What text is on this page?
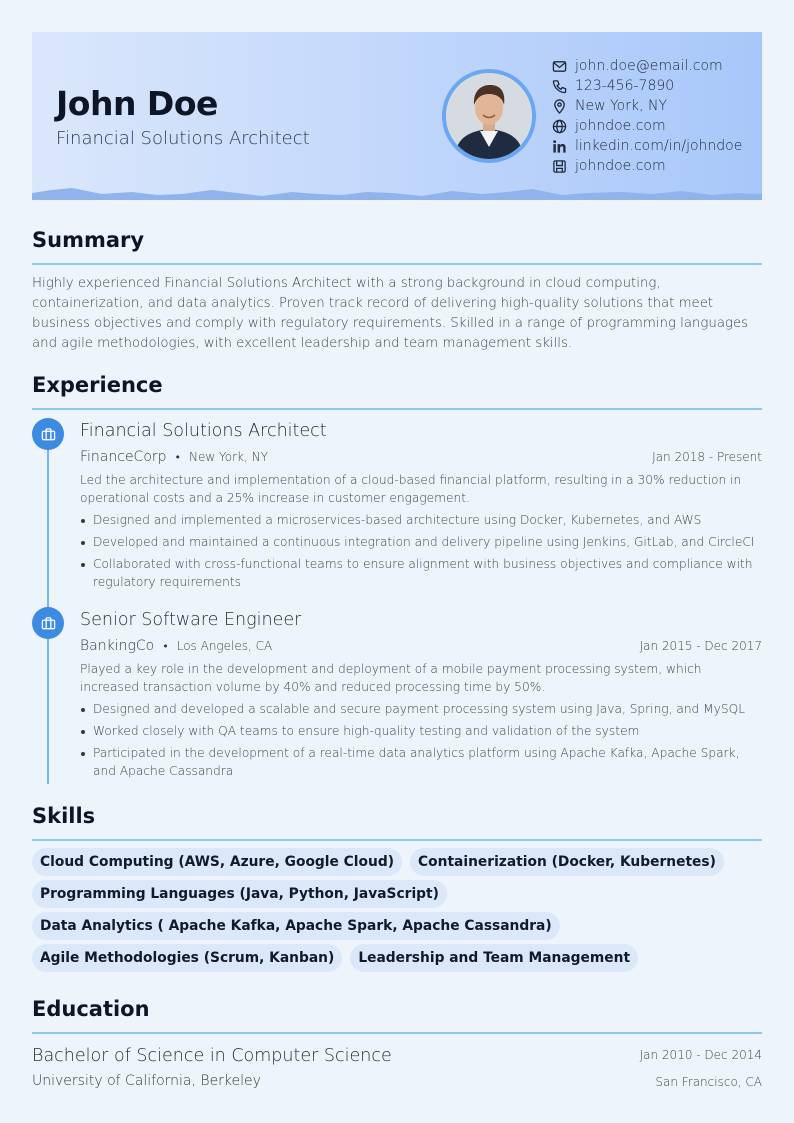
John Doe
Financial Solutions Architect
john.doe@email.com
123-456-7890
New York, NY
johndoe.com
linkedin.com/in/johndoe
johndoe.com
Summary
Highly experienced Financial Solutions Architect with a strong background in cloud computing, containerization, and data analytics. Proven track record of delivering high-quality solutions that meet business objectives and comply with regulatory requirements. Skilled in a range of programming languages and agile methodologies, with excellent leadership and team management skills.
Experience
Financial Solutions Architect
FinanceCorp • New York, NY	Jan 2018 - Present
Led the architecture and implementation of a cloud-based financial platform, resulting in a 30% reduction in operational costs and a 25% increase in customer engagement.
Designed and implemented a microservices-based architecture using Docker, Kubernetes, and AWS
Developed and maintained a continuous integration and delivery pipeline using Jenkins, GitLab, and CircleCI
Collaborated with cross-functional teams to ensure alignment with business objectives and compliance with regulatory requirements
Senior Software Engineer
BankingCo • Los Angeles, CA	Jan 2015 - Dec 2017
Played a key role in the development and deployment of a mobile payment processing system, which increased transaction volume by 40% and reduced processing time by 50%.
Designed and developed a scalable and secure payment processing system using Java, Spring, and MySQL
Worked closely with QA teams to ensure high-quality testing and validation of the system
Participated in the development of a real-time data analytics platform using Apache Kafka, Apache Spark, and Apache Cassandra
Skills
Cloud Computing (AWS, Azure, Google Cloud)	Containerization (Docker, Kubernetes)
Programming Languages (Java, Python, JavaScript)
Data Analytics ( Apache Kafka, Apache Spark, Apache Cassandra)
Agile Methodologies (Scrum, Kanban)	Leadership and Team Management
Education
Bachelor of Science in Computer Science	Jan 2010 - Dec 2014
University of California, Berkeley	San Francisco, CA
